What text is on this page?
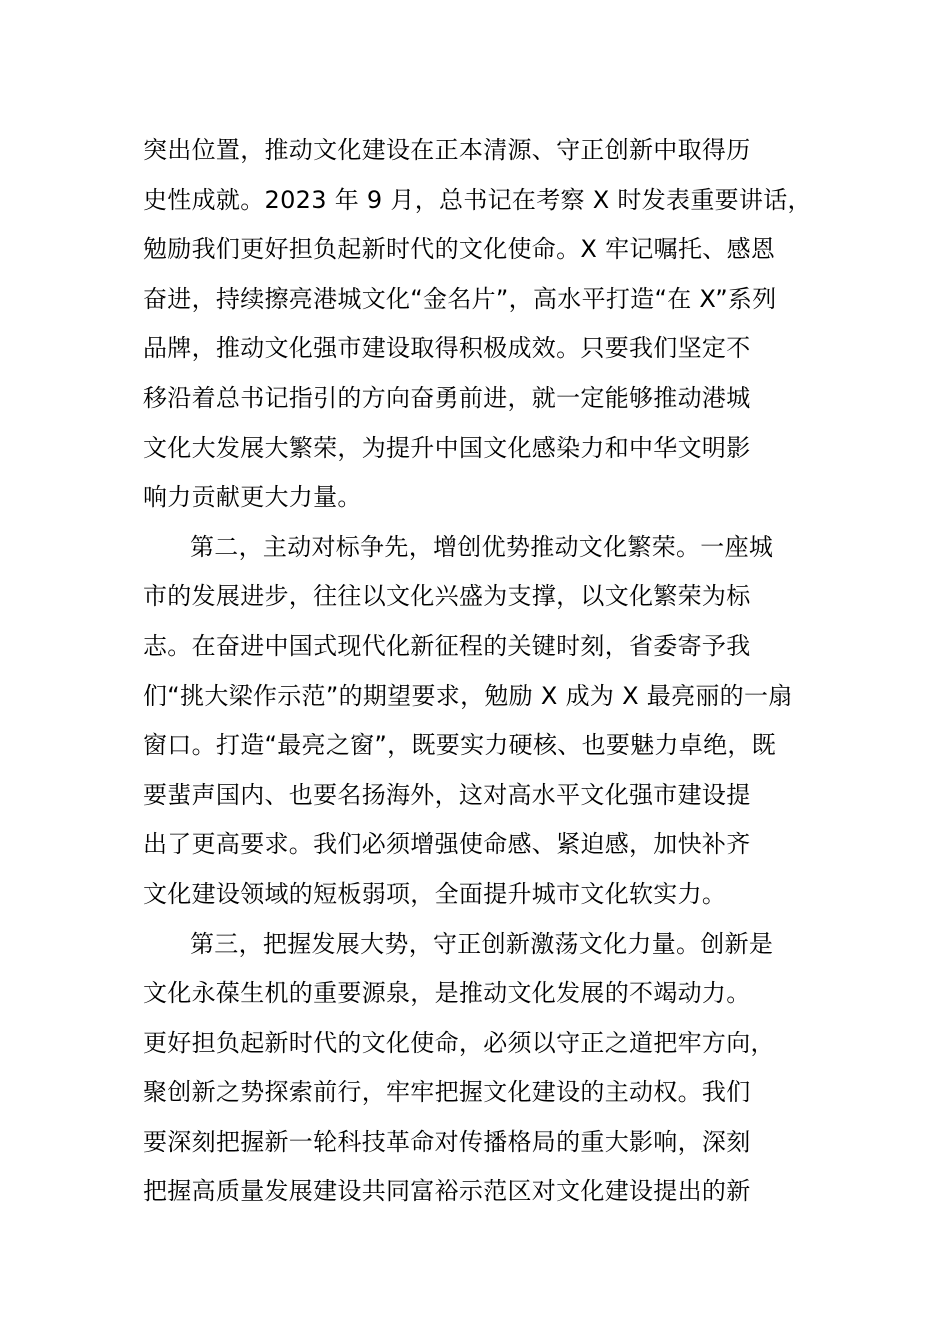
突出位置，推动文化建设在正本清源、守正创新中取得历
史性成就。2023 年 9 月，总书记在考察 X 时发表重要讲话，
勉励我们更好担负起新时代的文化使命。X 牢记嘱托、感恩
奋进，持续擦亮港城文化“金名片”，高水平打造“在 X”系列
品牌，推动文化强市建设取得积极成效。只要我们坚定不
移沿着总书记指引的方向奋勇前进，就一定能够推动港城
文化大发展大繁荣，为提升中国文化感染力和中华文明影
响力贡献更大力量。
第二，主动对标争先，增创优势推动文化繁荣。一座城
市的发展进步，往往以文化兴盛为支撑，以文化繁荣为标
志。在奋进中国式现代化新征程的关键时刻，省委寄予我
们“挑大梁作示范”的期望要求，勉励 X 成为 X 最亮丽的一扇
窗口。打造“最亮之窗”，既要实力硬核、也要魅力卓绝，既
要蜚声国内、也要名扬海外，这对高水平文化强市建设提
出了更高要求。我们必须增强使命感、紧迫感，加快补齐
文化建设领域的短板弱项，全面提升城市文化软实力。
第三，把握发展大势，守正创新激荡文化力量。创新是
文化永葆生机的重要源泉，是推动文化发展的不竭动力。
更好担负起新时代的文化使命，必须以守正之道把牢方向，
聚创新之势探索前行，牢牢把握文化建设的主动权。我们
要深刻把握新一轮科技革命对传播格局的重大影响，深刻
把握高质量发展建设共同富裕示范区对文化建设提出的新
